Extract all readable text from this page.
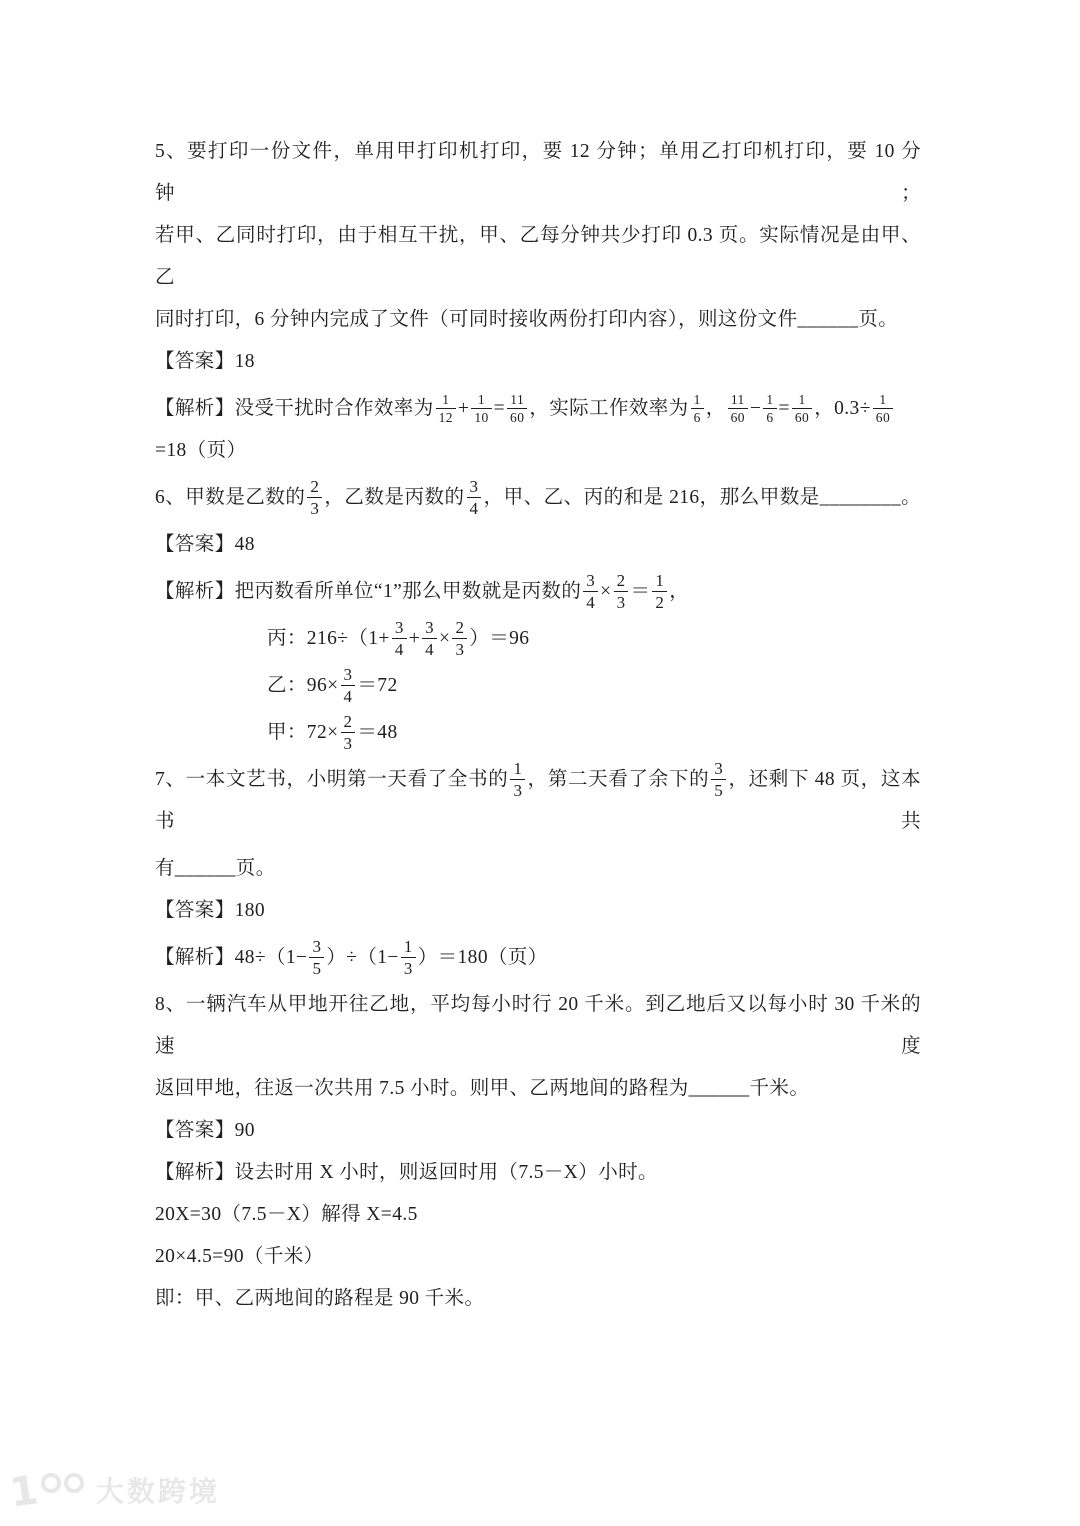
5、要打印一份文件，单用甲打印机打印，要 12 分钟；单用乙打印机打印，要 10 分钟；
若甲、乙同时打印，由于相互干扰，甲、乙每分钟共少打印 0.3 页。实际情况是由甲、乙
同时打印，6 分钟内完成了文件（可同时接收两份打印内容），则这份文件______页。
【答案】18
【解析】没受干扰时合作效率为 $\frac{1}{12} + \frac{1}{10} = \frac{11}{60}$ ，实际工作效率为 $\frac{1}{6}$ ， $\frac{11}{60} - \frac{1}{6} = \frac{1}{60}$ ，$0.3\div \frac{1}{60}$
=18（页）
6、甲数是乙数的 $\frac{2}{3}$ ，乙数是丙数的 $\frac{3}{4}$ ，甲、乙、丙的和是 216，那么甲数是________。
【答案】48
【解析】把丙数看所单位“1”那么甲数就是丙数的 $\frac{3}{4} \times \frac{2}{3} = \frac{1}{2}$ ，
丙：$216\div(1+ \frac{3}{4} + \frac{3}{4} \times \frac{2}{3} )=96$
乙：$96\times \frac{3}{4} =72$
甲：$72\times \frac{2}{3} =48$
7、一本文艺书，小明第一天看了全书的 $\frac{1}{3}$ ，第二天看了余下的 $\frac{3}{5}$ ，还剩下 48 页，这本书共
有______页。
【答案】180
【解析】$48\div(1- \frac{3}{5} )\div(1- \frac{1}{3} )=180$（页）
8、一辆汽车从甲地开往乙地，平均每小时行 20 千米。到乙地后又以每小时 30 千米的速度
返回甲地，往返一次共用 7.5 小时。则甲、乙两地间的路程为______千米。
【答案】90
【解析】设去时用 X 小时，则返回时用（7.5－X）小时。
20X=30（7.5－X）解得 X=4.5
20×4.5=90（千米）
即：甲、乙两地间的路程是 90 千米。
1 大数跨境
